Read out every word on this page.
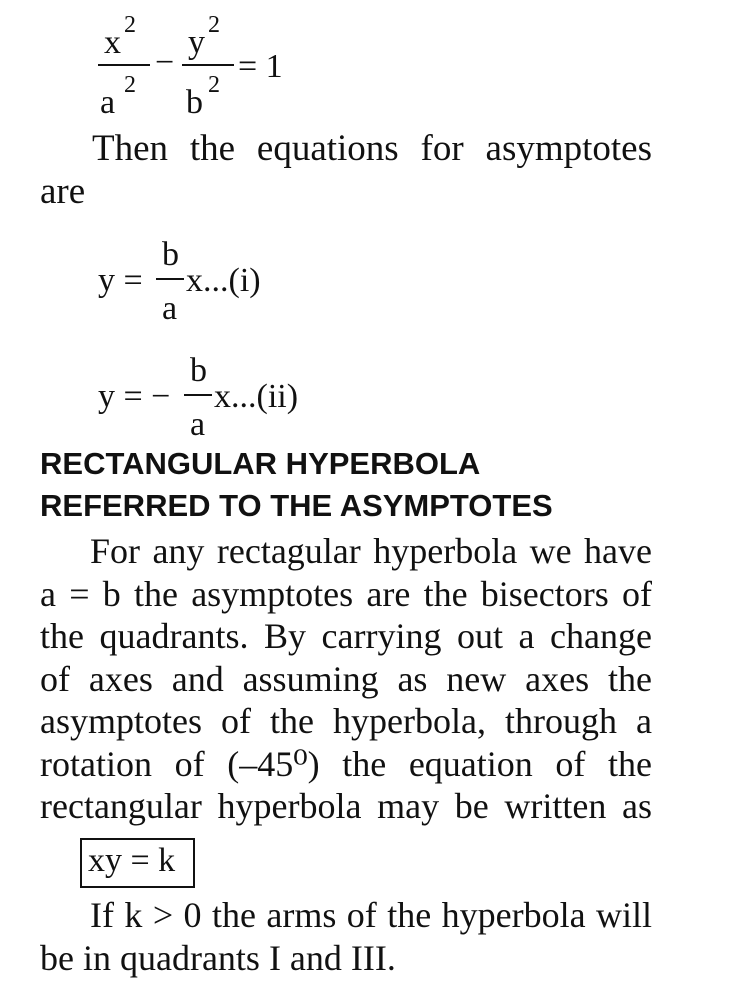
x 2
a 2
−
y 2
b 2 = 1
Then the equations for asymptotes
are
y =
b
a
x...(i)
y = −
b
a
x...(ii)
RECTANGULAR HYPERBOLA
REFERRED TO THE ASYMPTOTES
For any rectagular hyperbola we have
a = b the asymptotes are the bisectors of
the quadrants. By carrying out a change
of axes and assuming as new axes the
asymptotes of the hyperbola, through a
rotation of (–45⁰) the equation of the
rectangular hyperbola may be written as
xy = k
If k > 0 the arms of the hyperbola will
be in quadrants I and III.
